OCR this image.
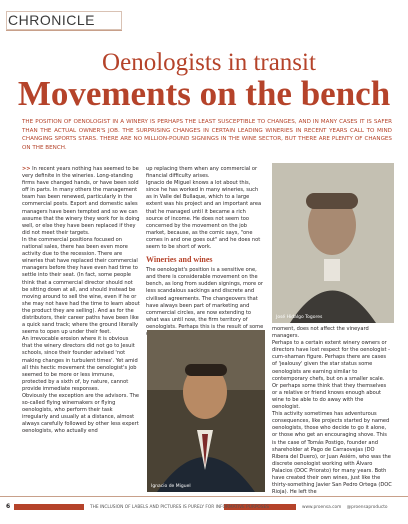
CHRONICLE
Oenologists in transit
Movements on the bench
THE POSITION OF OENOLOGIST IN A WINERY IS PERHAPS THE LEAST SUSCEPTIBLE TO CHANGES, AND IN MANY CASES IT IS SAFER THAN THE ACTUAL OWNER'S JOB. THE SURPRISING CHANGES IN CERTAIN LEADING WINERIES IN RECENT YEARS CALL TO MIND CHANGING SPORTS STARS. THERE ARE NO MILLION-POUND SIGNINGS IN THE WINE SECTOR, BUT THERE ARE PLENTY OF CHANGES ON THE BENCH.

>> In recent years nothing has seemed to be very definite in the wineries. Long-standing firms have changed hands, or have been sold off in parts. In many others the management team has been renewed, particularly in the commercial posts. Export and domestic sales managers have been tempted and so we can assume that the winery they work for is doing well, or else they have been replaced if they did not meet their targets.

In the commercial positions focused on national sales, there has been even more activity due to the recession. There are wineries that have replaced their commercial managers before they have even had time to settle into their seat. (In fact, some people think that a commercial director should not be sitting down at all, and should instead be moving around to sell the wine, even if he or she may not have had the time to learn about the product they are selling). And as for the distributors, their career paths have been like a quick sand track; where the ground literally seems to open up under their feet.

An irrevocable erosion where it is obvious that the winery directors did not go to Jesuit schools, since their founder advised 'not making changes in turbulent times'. Yet amid all this hectic movement the oenologist's job seemed to be more or less immune, protected by a sixth of, by nature, cannot provide immediate responses.

Obviously the exception are the advisors. The so-called flying winemakers or flying oenologists, who perform their task irregularly and usually at a distance, almost always carefully followed by other less expert oenologists, who actually end

up replacing them when any commercial or financial difficulty arises.

Ignacio de Miguel knows a lot about this, since he has worked in many wineries, such as in Valle del Bullaque, which to a large extent was his project and an important area that he managed until it became a rich source of income. He does not seem too concerned by the movement on the job market, because, as the comic says, "one comes in and one goes out" and he does not seem to be short of work.

Wineries and wines

The oenologist's position is a sensitive one, and there is considerable movement on the bench, as long from sudden signings, more or less scandalous sackings and discrete and civilised agreements. The changeovers that have always been part of marketing and commercial circles, are now extending to what was until now, the firm territory of oenologists. Perhaps this is the result of some

José Hidalgo Togores
Ignacio de Miguel

moment, does not affect the vineyard managers.

Perhaps to a certain extent winery owners or directors have lost respect for the oenologist -cum-shaman figure. Perhaps there are cases of 'jealousy' given the star status some oenologists are earning similar to contemporary chefs, but on a smaller scale. Or perhaps some think that they themselves or a relative or friend knows enough about wine to be able to do away with the oenologist.

This activity sometimes has adventurous consequences, like projects started by named oenologists, those who decide to go it alone, or those who get an encouraging shove. This is the case of Tomás Postigo, founder and shareholder at Pago de Carraovejas (DO Ribera del Duero), or Juan Asiérn, who was the discrete oenologist working with Álvaro Palacios (DOC Priorato) for many years. Both have created their own wines, just like the thirty-something Javier San Pedro Ortega (DOC Rioja). He left the

6	THE INCLUSION OF LABELS AND PICTURES IS PURELY FOR INFORMATIVE PURPOSES	www.proensa.com @proensaproducto
